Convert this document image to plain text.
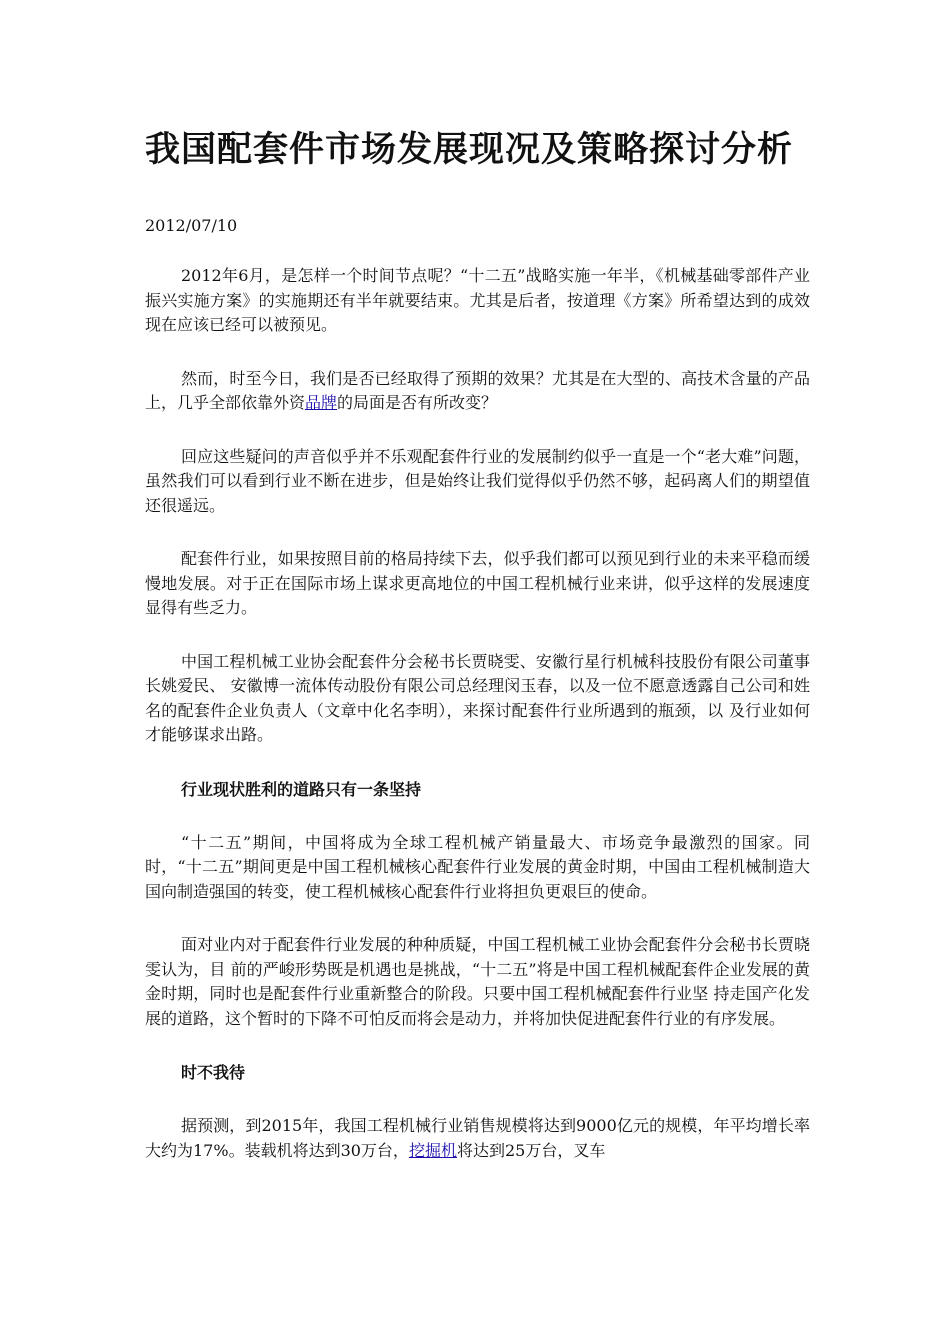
我国配套件市场发展现况及策略探讨分析
2012/07/10

2012年6月，是怎样一个时间节点呢？“十二五”战略实施一年半，《机械基础零部件产业振兴实施方案》的实施期还有半年就要结束。尤其是后者，按道理《方案》所希望达到的成效现在应该已经可以被预见。

然而，时至今日，我们是否已经取得了预期的效果？尤其是在大型的、高技术含量的产品上，几乎全部依靠外资品牌的局面是否有所改变？

回应这些疑问的声音似乎并不乐观配套件行业的发展制约似乎一直是一个“老大难”问题，虽然我们可以看到行业不断在进步，但是始终让我们觉得似乎仍然不够，起码离人们的期望值还很遥远。

配套件行业，如果按照目前的格局持续下去，似乎我们都可以预见到行业的未来平稳而缓慢地发展。对于正在国际市场上谋求更高地位的中国工程机械行业来讲，似乎这样的发展速度显得有些乏力。

中国工程机械工业协会配套件分会秘书长贾晓雯、安徽行星行机械科技股份有限公司董事长姚爱民、 安徽博一流体传动股份有限公司总经理闵玉春，以及一位不愿意透露自己公司和姓名的配套件企业负责人（文章中化名李明），来探讨配套件行业所遇到的瓶颈，以 及行业如何才能够谋求出路。

行业现状胜利的道路只有一条坚持

“十二五”期间，中国将成为全球工程机械产销量最大、市场竞争最激烈的国家。同时，“十二五”期间更是中国工程机械核心配套件行业发展的黄金时期，中国由工程机械制造大国向制造强国的转变，使工程机械核心配套件行业将担负更艰巨的使命。

面对业内对于配套件行业发展的种种质疑，中国工程机械工业协会配套件分会秘书长贾晓雯认为，目 前的严峻形势既是机遇也是挑战，“十二五”将是中国工程机械配套件企业发展的黄金时期，同时也是配套件行业重新整合的阶段。只要中国工程机械配套件行业坚 持走国产化发展的道路，这个暂时的下降不可怕反而将会是动力，并将加快促进配套件行业的有序发展。

时不我待

据预测，到2015年，我国工程机械行业销售规模将达到9000亿元的规模，年平均增长率大约为17%。装载机将达到30万台，挖掘机将达到25万台，叉车
